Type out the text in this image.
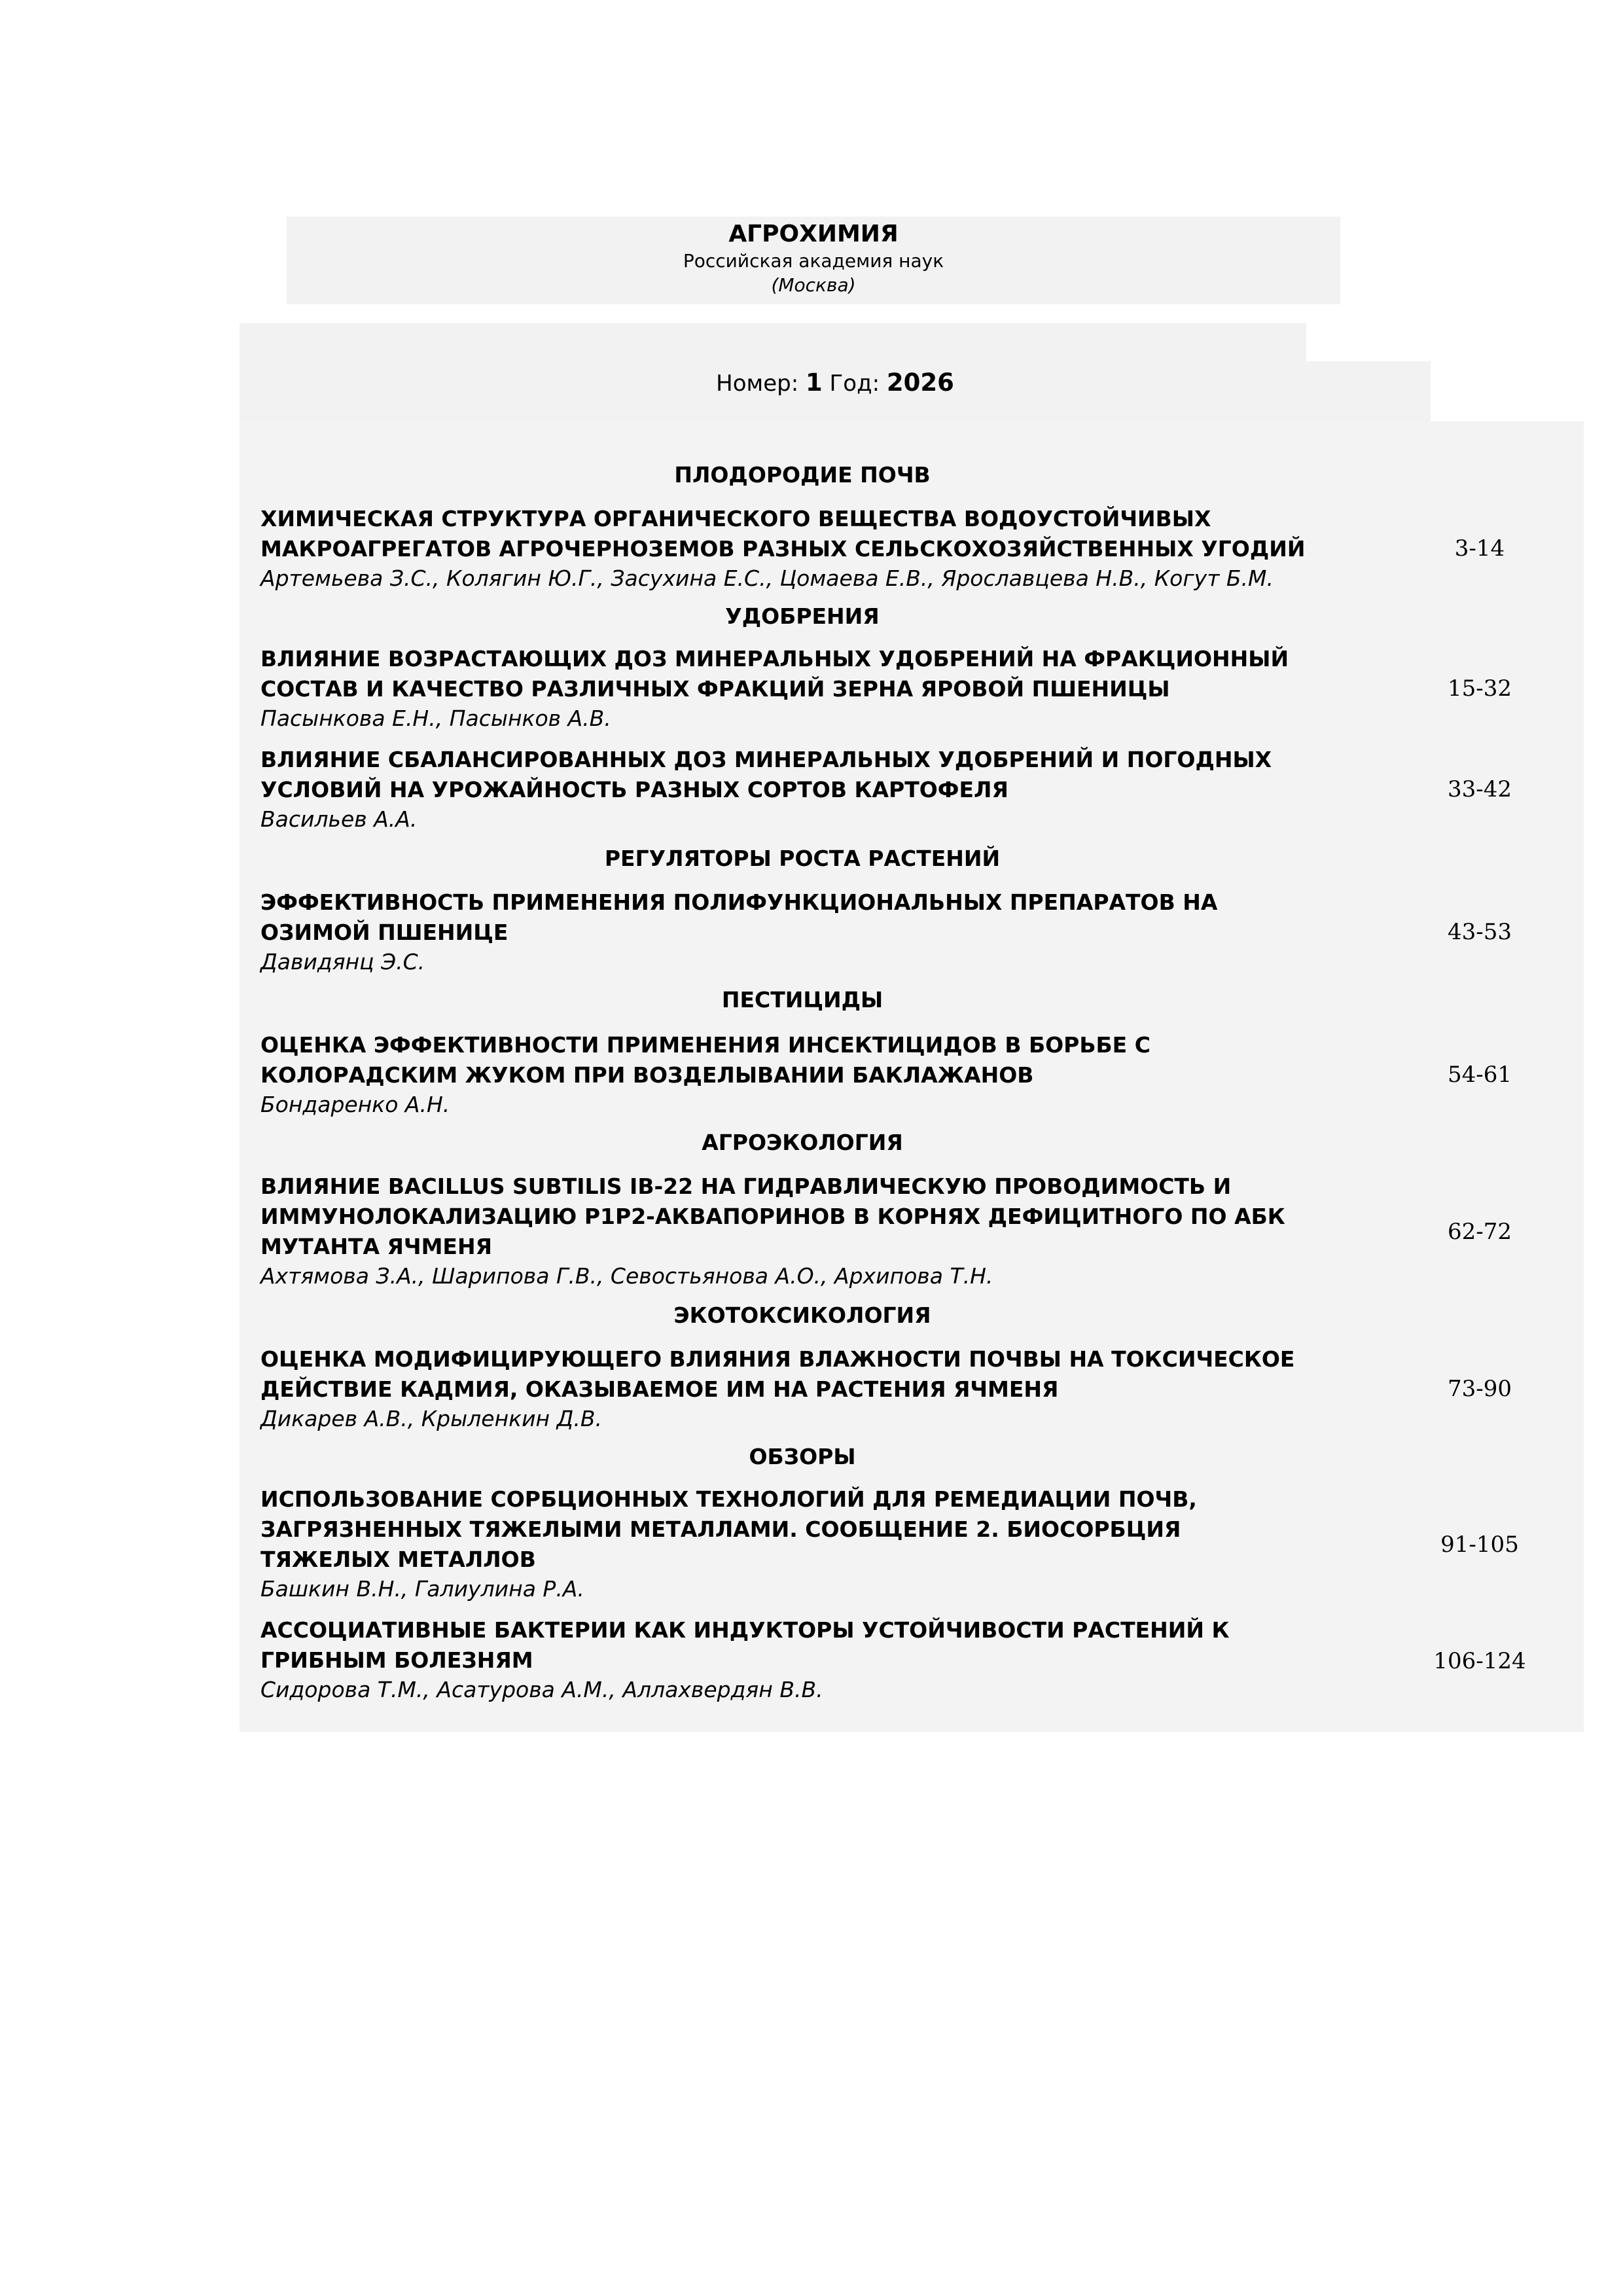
АГРОХИМИЯ
Российская академия наук
(Москва)
Номер: 1 Год: 2026
ПЛОДОРОДИЕ ПОЧВ
ХИМИЧЕСКАЯ СТРУКТУРА ОРГАНИЧЕСКОГО ВЕЩЕСТВА ВОДОУСТОЙЧИВЫХ
МАКРОАГРЕГАТОВ АГРОЧЕРНОЗЕМОВ РАЗНЫХ СЕЛЬСКОХОЗЯЙСТВЕННЫХ УГОДИЙ
Артемьева З.С., Колягин Ю.Г., Засухина Е.С., Цомаева Е.В., Ярославцева Н.В., Когут Б.М.
3-14
УДОБРЕНИЯ
ВЛИЯНИЕ ВОЗРАСТАЮЩИХ ДОЗ МИНЕРАЛЬНЫХ УДОБРЕНИЙ НА ФРАКЦИОННЫЙ
СОСТАВ И КАЧЕСТВО РАЗЛИЧНЫХ ФРАКЦИЙ ЗЕРНА ЯРОВОЙ ПШЕНИЦЫ
Пасынкова Е.Н., Пасынков А.В.
15-32
ВЛИЯНИЕ СБАЛАНСИРОВАННЫХ ДОЗ МИНЕРАЛЬНЫХ УДОБРЕНИЙ И ПОГОДНЫХ
УСЛОВИЙ НА УРОЖАЙНОСТЬ РАЗНЫХ СОРТОВ КАРТОФЕЛЯ
Васильев А.А.
33-42
РЕГУЛЯТОРЫ РОСТА РАСТЕНИЙ
ЭФФЕКТИВНОСТЬ ПРИМЕНЕНИЯ ПОЛИФУНКЦИОНАЛЬНЫХ ПРЕПАРАТОВ НА
ОЗИМОЙ ПШЕНИЦЕ
Давидянц Э.С.
43-53
ПЕСТИЦИДЫ
ОЦЕНКА ЭФФЕКТИВНОСТИ ПРИМЕНЕНИЯ ИНСЕКТИЦИДОВ В БОРЬБЕ С
КОЛОРАДСКИМ ЖУКОМ ПРИ ВОЗДЕЛЫВАНИИ БАКЛАЖАНОВ
Бондаренко А.Н.
54-61
АГРОЭКОЛОГИЯ
ВЛИЯНИЕ BACILLUS SUBTILIS IB-22 НА ГИДРАВЛИЧЕСКУЮ ПРОВОДИМОСТЬ И
ИММУНОЛОКАЛИЗАЦИЮ P1P2-АКВАПОРИНОВ В КОРНЯХ ДЕФИЦИТНОГО ПО АБК
МУТАНТА ЯЧМЕНЯ
Ахтямова З.А., Шарипова Г.В., Севостьянова А.О., Архипова Т.Н.
62-72
ЭКОТОКСИКОЛОГИЯ
ОЦЕНКА МОДИФИЦИРУЮЩЕГО ВЛИЯНИЯ ВЛАЖНОСТИ ПОЧВЫ НА ТОКСИЧЕСКОЕ
ДЕЙСТВИЕ КАДМИЯ, ОКАЗЫВАЕМОЕ ИМ НА РАСТЕНИЯ ЯЧМЕНЯ
Дикарев А.В., Крыленкин Д.В.
73-90
ОБЗОРЫ
ИСПОЛЬЗОВАНИЕ СОРБЦИОННЫХ ТЕХНОЛОГИЙ ДЛЯ РЕМЕДИАЦИИ ПОЧВ,
ЗАГРЯЗНЕННЫХ ТЯЖЕЛЫМИ МЕТАЛЛАМИ. СООБЩЕНИЕ 2. БИОСОРБЦИЯ
ТЯЖЕЛЫХ МЕТАЛЛОВ
Башкин В.Н., Галиулина Р.А.
91-105
АССОЦИАТИВНЫЕ БАКТЕРИИ КАК ИНДУКТОРЫ УСТОЙЧИВОСТИ РАСТЕНИЙ К
ГРИБНЫМ БОЛЕЗНЯМ
Сидорова Т.М., Асатурова А.М., Аллахвердян В.В.
106-124
